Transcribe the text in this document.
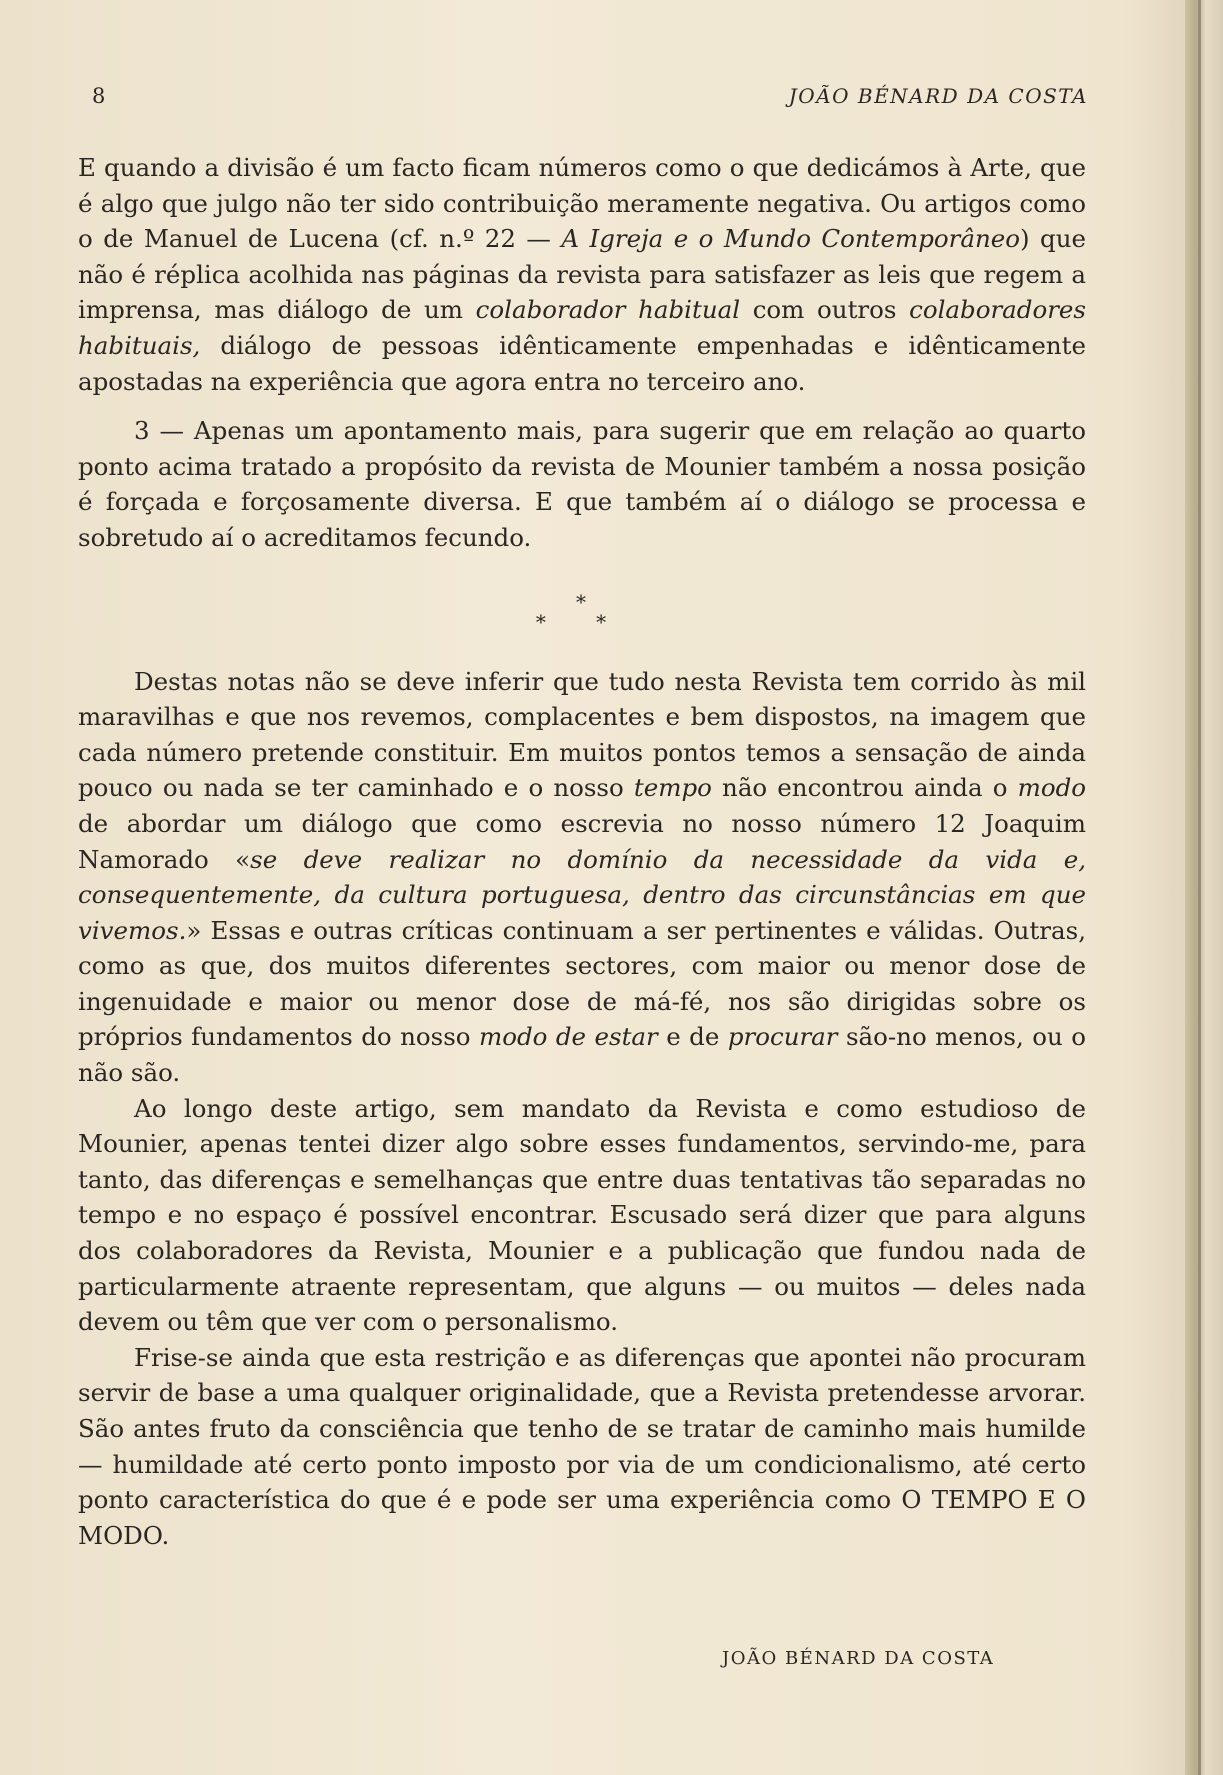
8	JOÃO BÉNARD DA COSTA

E quando a divisão é um facto ficam números como o que dedicámos à Arte, que é algo que julgo não ter sido contribuição meramente negativa. Ou artigos como o de Manuel de Lucena (cf. n.º 22 — A Igreja e o Mundo Contemporâneo) que não é réplica acolhida nas páginas da revista para satisfazer as leis que regem a imprensa, mas diálogo de um colaborador habitual com outros colaboradores habituais, diálogo de pessoas idênticamente empenhadas e idênticamente apostadas na experiência que agora entra no terceiro ano.

3 — Apenas um apontamento mais, para sugerir que em relação ao quarto ponto acima tratado a propósito da revista de Mounier também a nossa posição é forçada e forçosamente diversa. E que também aí o diálogo se processa e sobretudo aí o acreditamos fecundo.

*
* *

Destas notas não se deve inferir que tudo nesta Revista tem corrido às mil maravilhas e que nos revemos, complacentes e bem dispostos, na imagem que cada número pretende constituir. Em muitos pontos temos a sensação de ainda pouco ou nada se ter caminhado e o nosso tempo não encontrou ainda o modo de abordar um diálogo que como escrevia no nosso número 12 Joaquim Namorado «se deve realizar no domínio da necessidade da vida e, consequentemente, da cultura portuguesa, dentro das circunstâncias em que vivemos.» Essas e outras críticas continuam a ser pertinentes e válidas. Outras, como as que, dos muitos diferentes sectores, com maior ou menor dose de ingenuidade e maior ou menor dose de má-fé, nos são dirigidas sobre os próprios fundamentos do nosso modo de estar e de procurar são-no menos, ou o não são.

Ao longo deste artigo, sem mandato da Revista e como estudioso de Mounier, apenas tentei dizer algo sobre esses fundamentos, servindo-me, para tanto, das diferenças e semelhanças que entre duas tentativas tão separadas no tempo e no espaço é possível encontrar. Escusado será dizer que para alguns dos colaboradores da Revista, Mounier e a publicação que fundou nada de particularmente atraente representam, que alguns — ou muitos — deles nada devem ou têm que ver com o personalismo.

Frise-se ainda que esta restrição e as diferenças que apontei não procuram servir de base a uma qualquer originalidade, que a Revista pretendesse arvorar. São antes fruto da consciência que tenho de se tratar de caminho mais humilde — humildade até certo ponto imposto por via de um condicionalismo, até certo ponto característica do que é e pode ser uma experiência como O TEMPO E O MODO.

JOÃO BÉNARD DA COSTA
